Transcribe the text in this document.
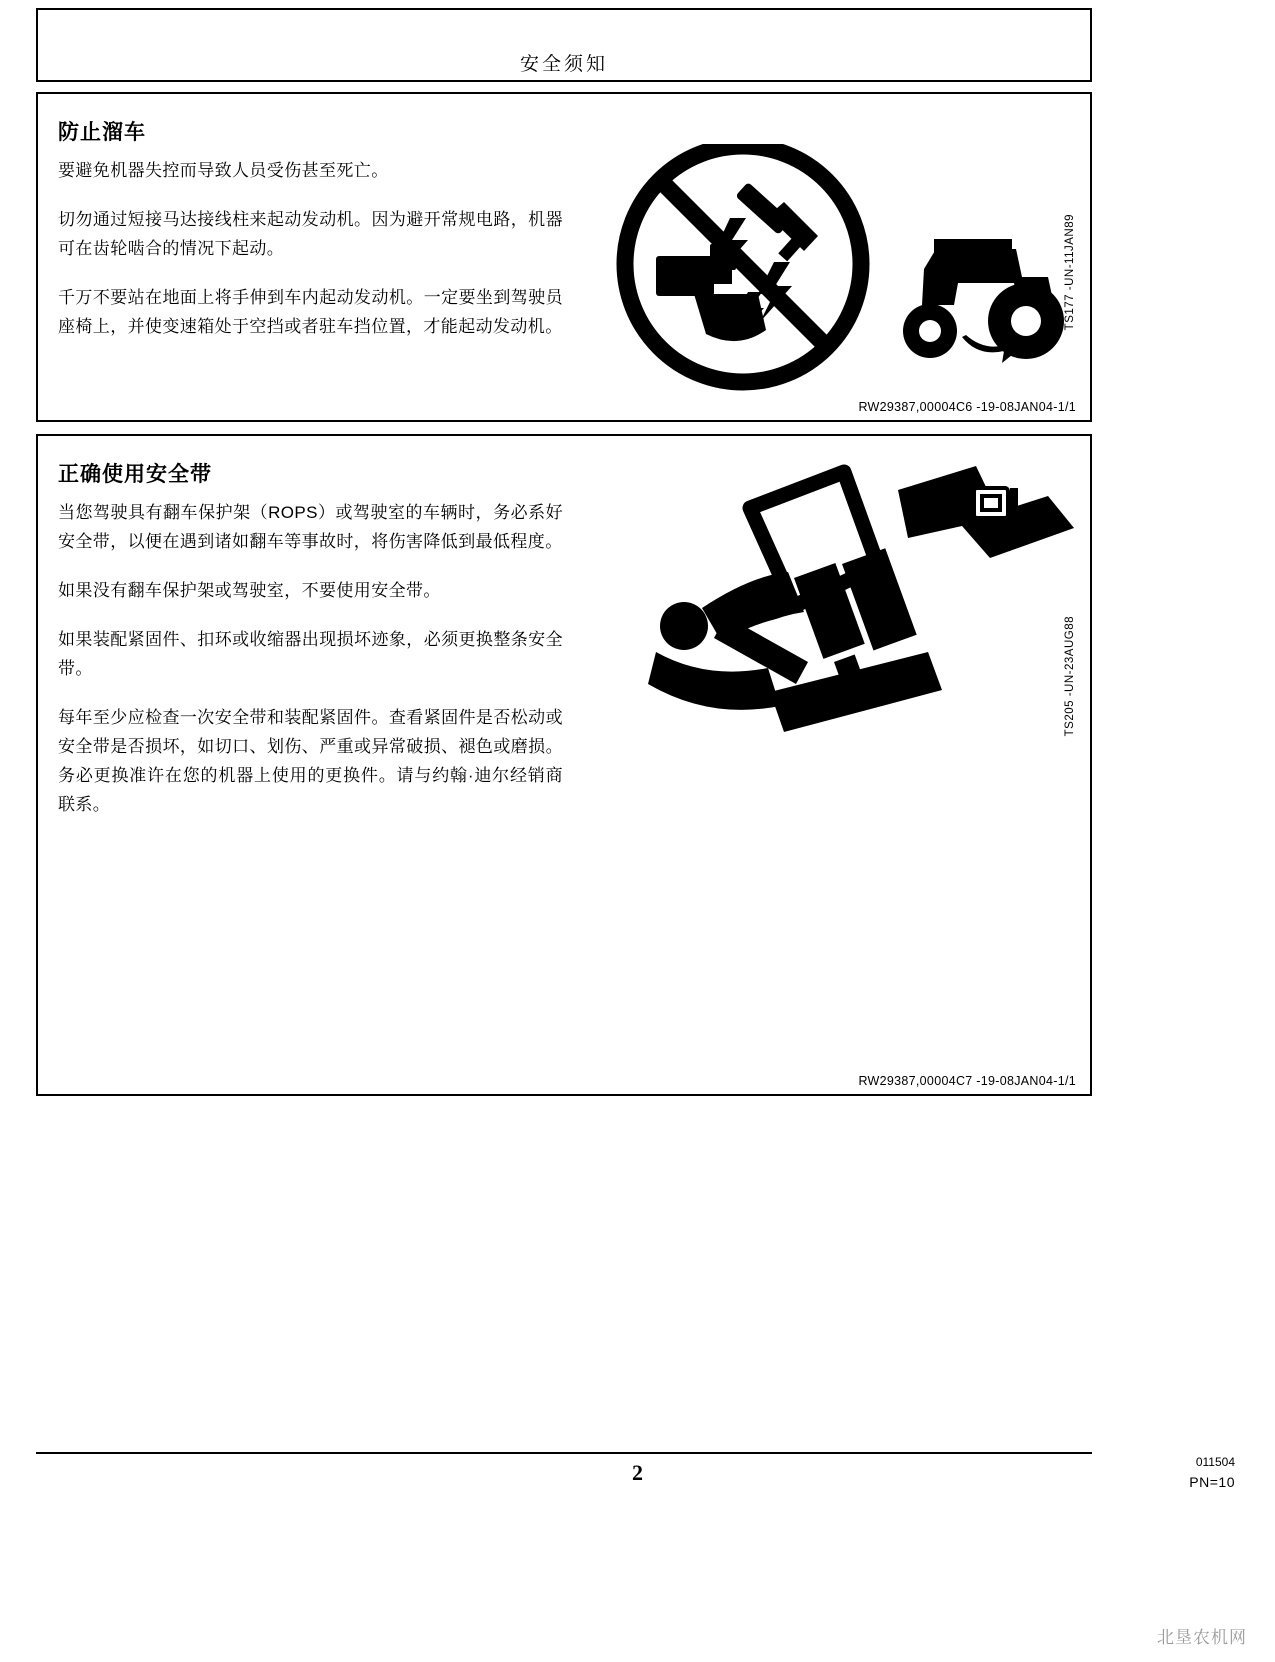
安全须知
防止溜车

要避免机器失控而导致人员受伤甚至死亡。

切勿通过短接马达接线柱来起动发动机。因为避开常规电路，机器可在齿轮啮合的情况下起动。

千万不要站在地面上将手伸到车内起动发动机。一定要坐到驾驶员座椅上，并使变速箱处于空挡或者驻车挡位置，才能起动发动机。	TS177 -UN-11JAN89
RW29387,00004C6 -19-08JAN04-1/1
正确使用安全带

当您驾驶具有翻车保护架（ROPS）或驾驶室的车辆时，务必系好安全带，以便在遇到诸如翻车等事故时，将伤害降低到最低程度。

如果没有翻车保护架或驾驶室，不要使用安全带。

如果装配紧固件、扣环或收缩器出现损坏迹象，必须更换整条安全带。

每年至少应检查一次安全带和装配紧固件。查看紧固件是否松动或安全带是否损坏，如切口、划伤、严重或异常破损、褪色或磨损。务必更换准许在您的机器上使用的更换件。请与约翰·迪尔经销商联系。

TS205 -UN-23AUG88
RW29387,00004C7 -19-08JAN04-1/1
2	011504
PN=10
北垦农机网
